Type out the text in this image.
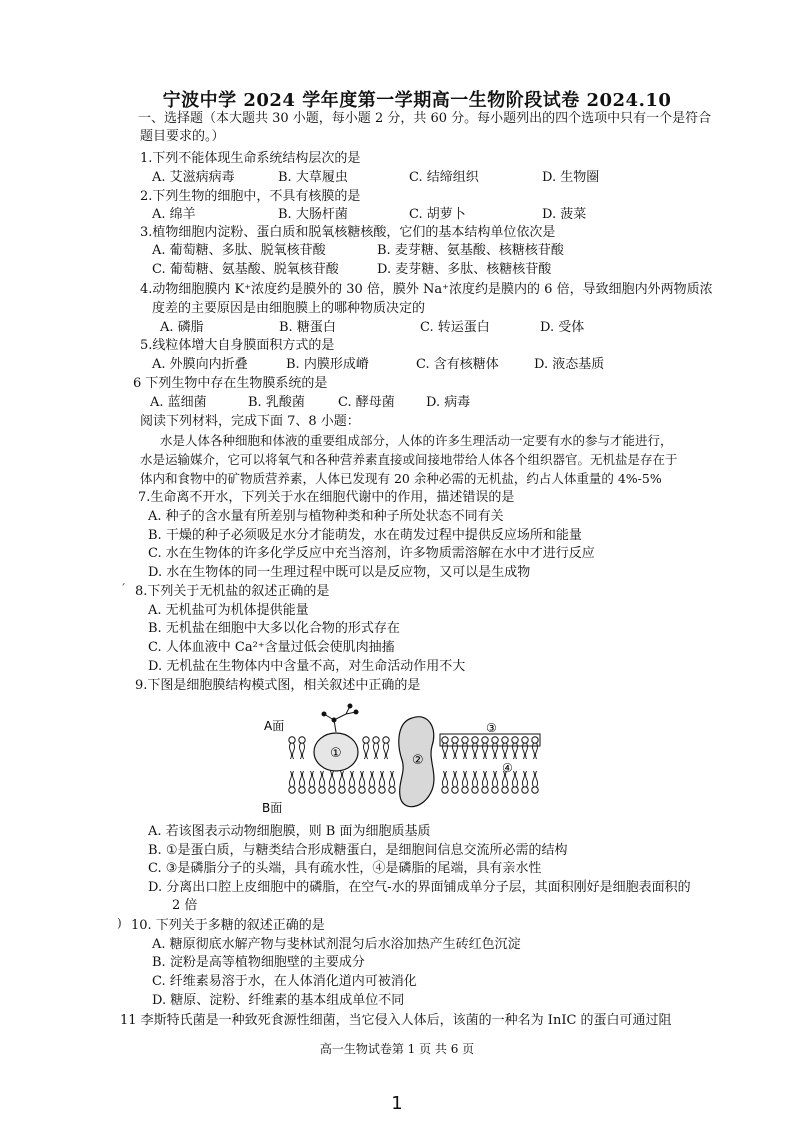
宁波中学 2024 学年度第一学期高一生物阶段试卷 2024.10
一、选择题（本大题共 30 小题，每小题 2 分，共 60 分。每小题列出的四个选项中只有一个是符合
题目要求的。）
1.下列不能体现生命系统结构层次的是
A. 艾滋病病毒	B. 大草履虫	C. 结缔组织	D. 生物圈
2.下列生物的细胞中，不具有核膜的是
A. 绵羊	B. 大肠杆菌	C. 胡萝卜	D. 菠菜
3.植物细胞内淀粉、蛋白质和脱氧核糖核酸，它们的基本结构单位依次是
A. 葡萄糖、多肽、脱氧核苷酸	B. 麦芽糖、氨基酸、核糖核苷酸
C. 葡萄糖、氨基酸、脱氧核苷酸	D. 麦芽糖、多肽、核糖核苷酸
4.动物细胞膜内 K⁺浓度约是膜外的 30 倍，膜外 Na⁺浓度约是膜内的 6 倍，导致细胞内外两物质浓
度差的主要原因是由细胞膜上的哪种物质决定的
A. 磷脂	B. 糖蛋白	C. 转运蛋白	D. 受体
5.线粒体增大自身膜面积方式的是
A. 外膜向内折叠	B. 内膜形成嵴	C. 含有核糖体	D. 液态基质
6 下列生物中存在生物膜系统的是
A. 蓝细菌	B. 乳酸菌	C. 酵母菌 D. 病毒
阅读下列材料，完成下面 7、8 小题：
水是人体各种细胞和体液的重要组成部分，人体的许多生理活动一定要有水的参与才能进行，
水是运输媒介，它可以将氧气和各种营养素直接或间接地带给人体各个组织器官。无机盐是存在于
体内和食物中的矿物质营养素，人体已发现有 20 余种必需的无机盐，约占人体重量的 4%-5%
7.生命离不开水，下列关于水在细胞代谢中的作用，描述错误的是
A. 种子的含水量有所差别与植物种类和种子所处状态不同有关
B. 干燥的种子必须吸足水分才能萌发，水在萌发过程中提供反应场所和能量
C. 水在生物体的许多化学反应中充当溶剂，许多物质需溶解在水中才进行反应
D. 水在生物体的同一生理过程中既可以是反应物，又可以是生成物
ˊ 8.下列关于无机盐的叙述正确的是
A. 无机盐可为机体提供能量
B. 无机盐在细胞中大多以化合物的形式存在
C. 人体血液中 Ca²⁺含量过低会使肌肉抽搐
D. 无机盐在生物体内中含量不高，对生命活动作用不大
9.下图是细胞膜结构模式图，相关叙述中正确的是
A面
B面
①	②
③
④
A. 若该图表示动物细胞膜，则 B 面为细胞质基质
B. ①是蛋白质，与糖类结合形成糖蛋白，是细胞间信息交流所必需的结构
C. ③是磷脂分子的头端，具有疏水性，④是磷脂的尾端，具有亲水性
D. 分离出口腔上皮细胞中的磷脂，在空气-水的界面铺成单分子层，其面积刚好是细胞表面积的
2 倍
) 10. 下列关于多糖的叙述正确的是
A. 糖原彻底水解产物与斐林试剂混匀后水浴加热产生砖红色沉淀
B. 淀粉是高等植物细胞壁的主要成分
C. 纤维素易溶于水，在人体消化道内可被消化
D. 糖原、淀粉、纤维素的基本组成单位不同
11 李斯特氏菌是一种致死食源性细菌，当它侵入人体后，该菌的一种名为 InIC 的蛋白可通过阻
高一生物试卷第 1 页 共 6 页
1
